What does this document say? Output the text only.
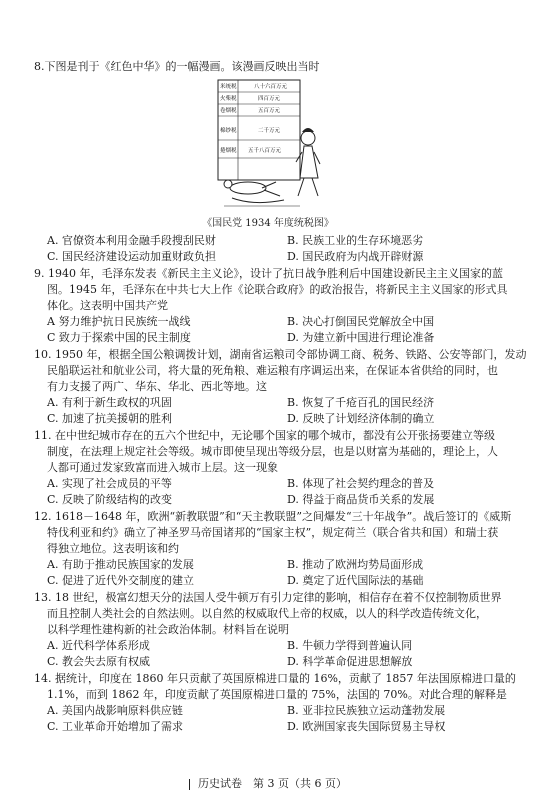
8.下图是刊于《红色中华》的一幅漫画。该漫画反映出当时
米统税	八十六百万元
火柴税	四百万元
卷烟税	五百万元
棉纱税	二千万元
捲烟税 五千八百万元
《国民党 1934 年度统税图》
A. 官僚资本利用金融手段搜刮民财	B. 民族工业的生存环境恶劣
C. 国民经济建设运动加重财政负担	D. 国民政府为内战开辟财源
9. 1940 年，毛泽东发表《新民主主义论》，设计了抗日战争胜利后中国建设新民主主义国家的蓝
图。1945 年，毛泽东在中共七大上作《论联合政府》的政治报告，将新民主主义国家的形式具
体化。这表明中国共产党
A 努力维护抗日民族统一战线	B. 决心打倒国民党解放全中国
C 致力于探索中国的民主制度	D. 为建立新中国进行理论准备
10. 1950 年，根据全国公粮调拨计划，湖南省运粮司令部协调工商、税务、铁路、公安等部门，发动
民船联运社和航业公司，将大量的死角粮、难运粮有序调运出来，在保证本省供给的同时，也
有力支援了两广、华东、华北、西北等地。这
A. 有利于新生政权的巩固	B. 恢复了千疮百孔的国民经济
C. 加速了抗美援朝的胜利	D. 反映了计划经济体制的确立
11. 在中世纪城市存在的五六个世纪中，无论哪个国家的哪个城市，都没有公开张扬要建立等级
制度，在法理上规定社会等级。城市即使呈现出等级分层，也是以财富为基础的，理论上，人
人都可通过发家致富而进入城市上层。这一现象
A. 实现了社会成员的平等	B. 体现了社会契约理念的普及
C. 反映了阶级结构的改变	D. 得益于商品货币关系的发展
12. 1618－1648 年，欧洲“新教联盟”和“天主教联盟”之间爆发“三十年战争”。战后签订的《威斯
特伐利亚和约》确立了神圣罗马帝国诸邦的“国家主权”，规定荷兰（联合省共和国）和瑞士获
得独立地位。这表明该和约
A. 有助于推动民族国家的发展	B. 推动了欧洲均势局面形成
C. 促进了近代外交制度的建立	D. 奠定了近代国际法的基础
13. 18 世纪，极富幻想天分的法国人受牛顿万有引力定律的影响，相信存在着不仅控制物质世界
而且控制人类社会的自然法则。以自然的权威取代上帝的权威，以人的科学改造传统文化，
以科学理性建构新的社会政治体制。材料旨在说明
A. 近代科学体系形成	B. 牛顿力学得到普遍认同
C. 教会失去原有权威	D. 科学革命促进思想解放
14. 据统计，印度在 1860 年只贡献了英国原棉进口量的 16%，贡献了 1857 年法国原棉进口量的
1.1%，而到 1862 年，印度贡献了英国原棉进口量的 75%，法国的 70%。对此合理的解释是
A. 美国内战影响原料供应链	B. 亚非拉民族独立运动蓬勃发展
C. 工业革命开始增加了需求	D. 欧洲国家丧失国际贸易主导权
历史试卷　第 3 页（共 6 页）
